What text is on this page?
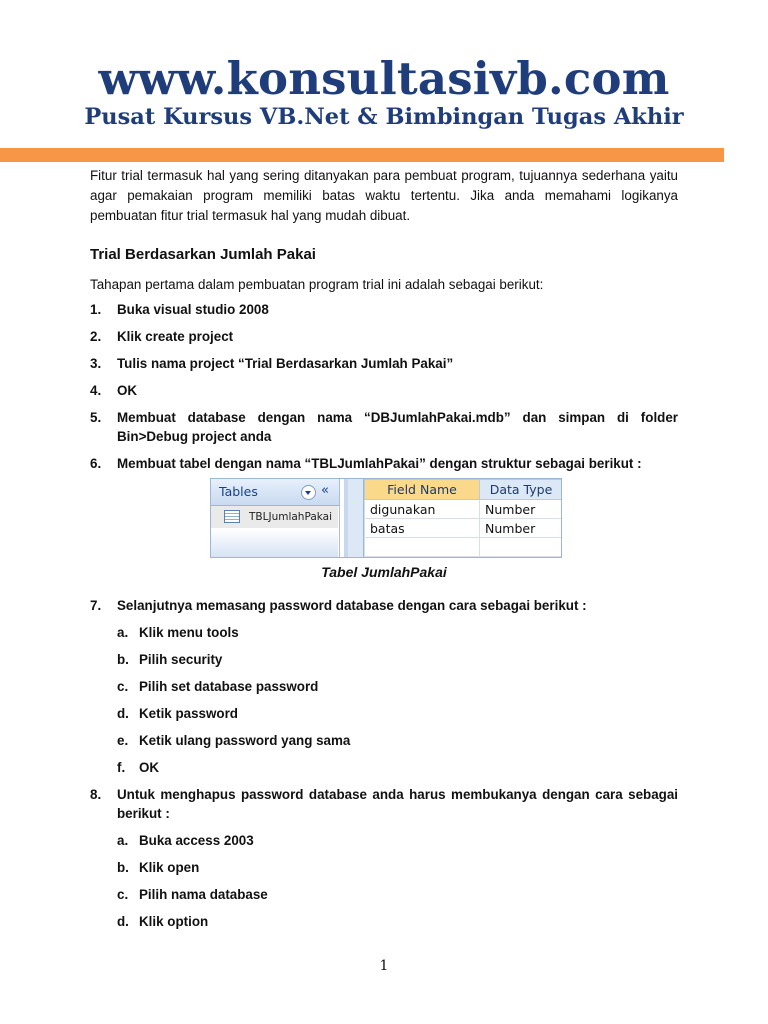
www.konsultasivb.com
Pusat Kursus VB.Net & Bimbingan Tugas Akhir

Fitur trial termasuk hal yang sering ditanyakan para pembuat program, tujuannya sederhana yaitu agar pemakaian program memiliki batas waktu tertentu. Jika anda memahami logikanya pembuatan fitur trial termasuk hal yang mudah dibuat.

Trial Berdasarkan Jumlah Pakai

Tahapan pertama dalam pembuatan program trial ini adalah sebagai berikut:

1. Buka visual studio 2008
2. Klik create project
3. Tulis nama project “Trial Berdasarkan Jumlah Pakai”
4. OK
5. Membuat database dengan nama “DBJumlahPakai.mdb” dan simpan di folder Bin>Debug project anda
6. Membuat tabel dengan nama “TBLJumlahPakai” dengan struktur sebagai berikut :
Tables	«
TBLJumlahPakai
Field Name	Data Type
digunakan	Number
batas	Number

Tabel JumlahPakai
7. Selanjutnya memasang password database dengan cara sebagai berikut :
a. Klik menu tools
b. Pilih security
c. Pilih set database password
d. Ketik password
e. Ketik ulang password yang sama
f. OK
8. Untuk menghapus password database anda harus membukanya dengan cara sebagai berikut :
a. Buka access 2003
b. Klik open
c. Pilih nama database
d. Klik option
1
